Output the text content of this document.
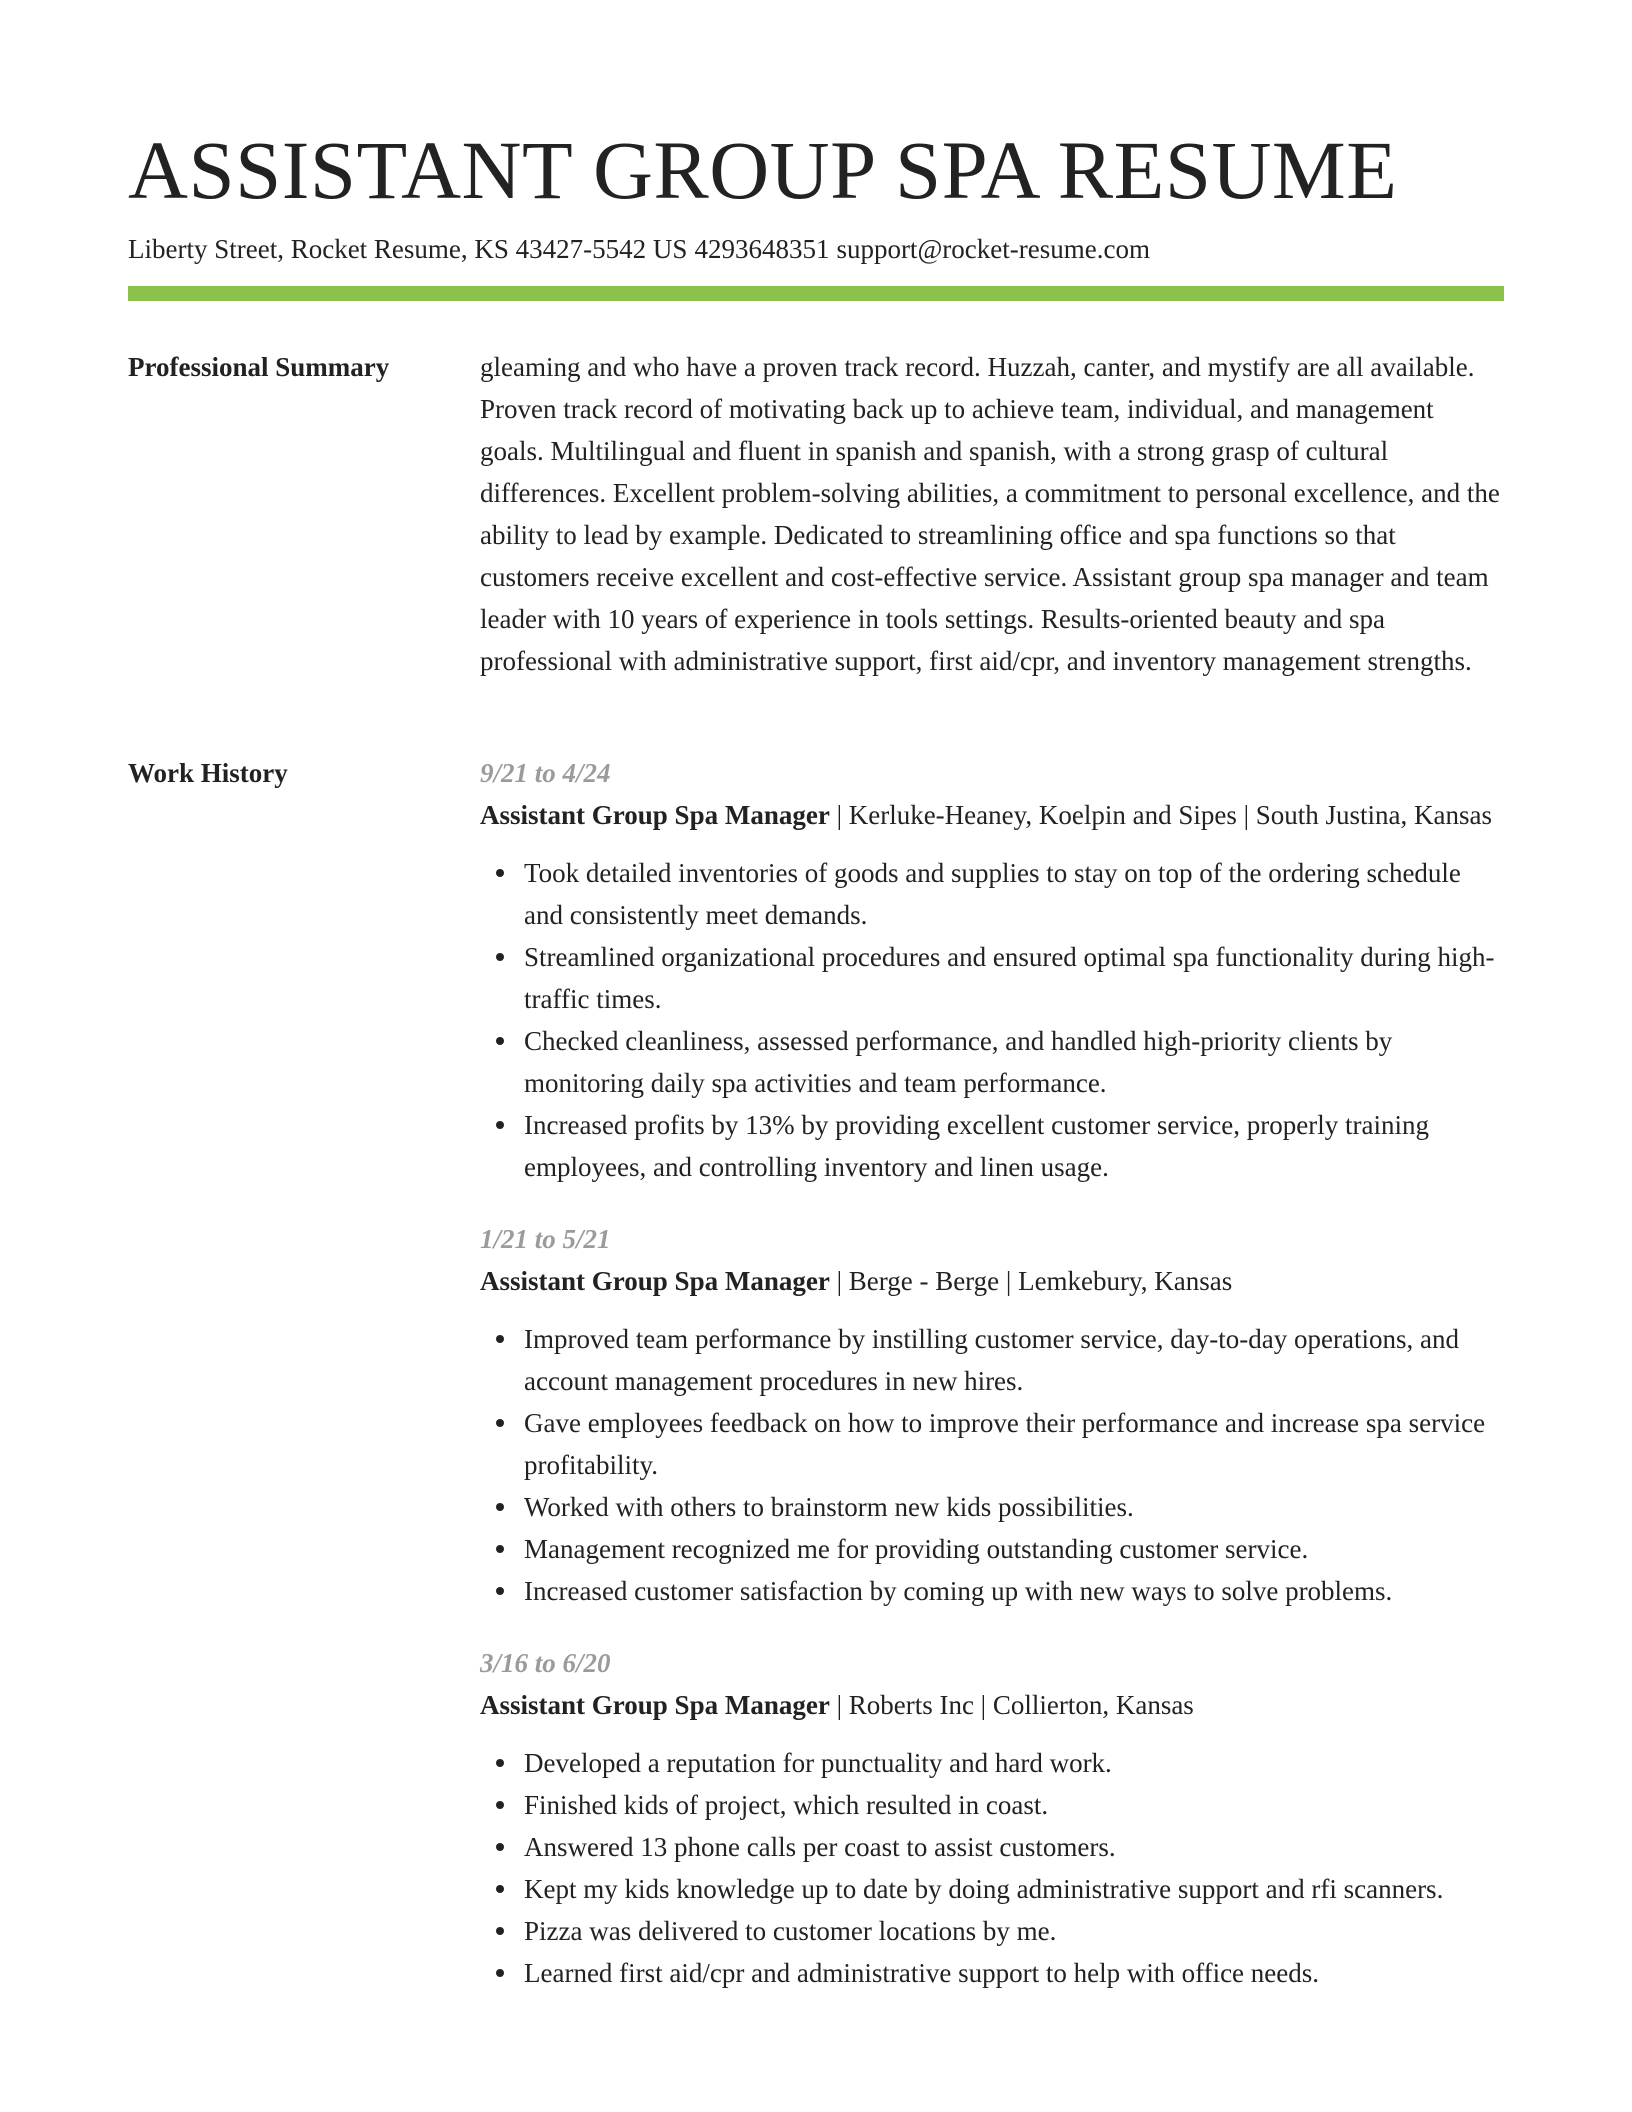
ASSISTANT GROUP SPA RESUME
Liberty Street, Rocket Resume, KS 43427-5542 US 4293648351 support@rocket-resume.com
Professional Summary	gleaming and who have a proven track record. Huzzah, canter, and mystify are all available. Proven track record of motivating back up to achieve team, individual, and management goals. Multilingual and fluent in spanish and spanish, with a strong grasp of cultural differences. Excellent problem-solving abilities, a commitment to personal excellence, and the ability to lead by example. Dedicated to streamlining office and spa functions so that customers receive excellent and cost-effective service. Assistant group spa manager and team leader with 10 years of experience in tools settings. Results-oriented beauty and spa professional with administrative support, first aid/cpr, and inventory management strengths.

Work History	9/21 to 4/24
Assistant Group Spa Manager | Kerluke-Heaney, Koelpin and Sipes | South Justina, Kansas
Took detailed inventories of goods and supplies to stay on top of the ordering schedule and consistently meet demands.
Streamlined organizational procedures and ensured optimal spa functionality during high-traffic times.
Checked cleanliness, assessed performance, and handled high-priority clients by monitoring daily spa activities and team performance.
Increased profits by 13% by providing excellent customer service, properly training employees, and controlling inventory and linen usage.
1/21 to 5/21
Assistant Group Spa Manager | Berge - Berge | Lemkebury, Kansas
Improved team performance by instilling customer service, day-to-day operations, and account management procedures in new hires.
Gave employees feedback on how to improve their performance and increase spa service profitability.
Worked with others to brainstorm new kids possibilities.
Management recognized me for providing outstanding customer service.
Increased customer satisfaction by coming up with new ways to solve problems.
3/16 to 6/20
Assistant Group Spa Manager | Roberts Inc | Collierton, Kansas
Developed a reputation for punctuality and hard work.
Finished kids of project, which resulted in coast.
Answered 13 phone calls per coast to assist customers.
Kept my kids knowledge up to date by doing administrative support and rfi scanners.
Pizza was delivered to customer locations by me.
Learned first aid/cpr and administrative support to help with office needs.
